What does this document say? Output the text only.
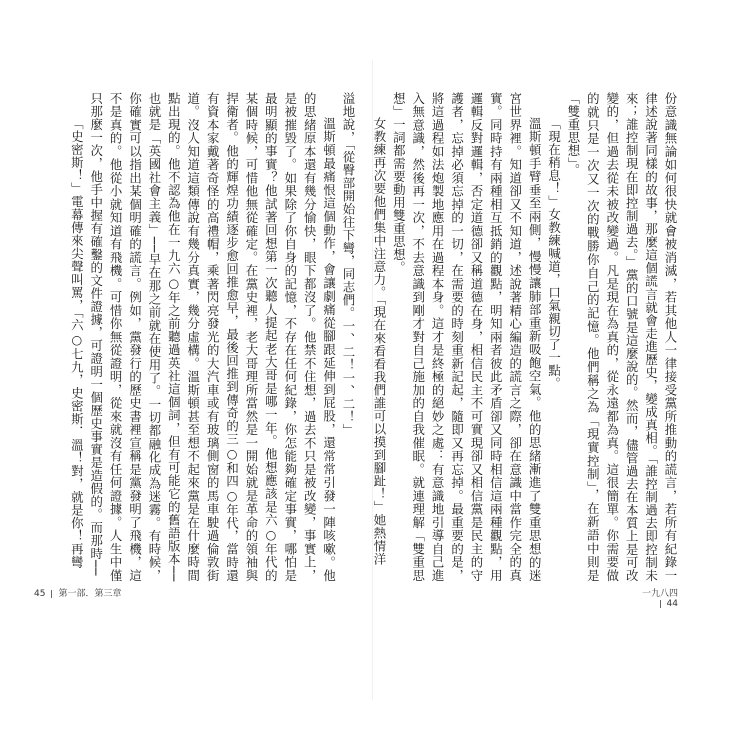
溢地說，「從臀部開始往下彎，同志們。一、二！一、二！」

溫斯頓最痛恨這個動作，會讓劇痛從腳跟延伸到屁股，還常常引發一陣咳嗽。他的思緒原本還有幾分愉快，眼下都沒了。他禁不住想，過去不只是被改變，事實上，是被摧毀了。如果除了你自身的記憶，不存在任何紀錄，你怎能夠確定事實，哪怕是最明顯的事實？他試著回想第一次聽人提起老大哥是哪一年。他想應該是六○年代的某個時候，可惜他無從確定。在黨史裡，老大哥理所當然是一開始就是革命的領袖與捍衛者。他的輝煌功績逐步愈回推愈早，最後回推到傳奇的三○和四○年代，當時還有資本家戴著奇怪的高禮帽，乘著閃亮發光的大汽車或有玻璃側窗的馬車駛過倫敦街道。沒人知道這類傳說有幾分真實，幾分虛構。溫斯頓甚至想不起來黨是在什麼時間點出現的。他不認為他在一九六○年之前聽過英社這個詞，但有可能它的舊語版本──也就是「英國社會主義」──早在那之前就在使用了。一切都融化成為迷霧。有時候，你確實可以指出某個明確的謊言。例如，黨發行的歷史書裡宣稱是黨發明了飛機，這不是真的。他從小就知道有飛機。可惜你無從證明，從來就沒有任何證據。人生中僅只那麼一次，他手中握有確鑿的文件證據，可證明一個歷史事實是造假的。而那時──

「史密斯！」電幕傳來尖聲叫罵，「六○七九，史密斯．溫！對，就是你！再彎	份意識無論如何很快就會被消滅，若其他人一律接受黨所推動的謊言，若所有紀錄一律述說著同樣的故事，那麼這個謊言就會走進歷史，變成真相。「誰控制過去即控制未來；誰控制現在即控制過去。」黨的口號是這麼說的。然而，儘管過去在本質上是可改變的，但過去從未被改變過。凡是現在為真的，從永遠都為真。這很簡單。你需要做的就只是一次又一次的戰勝你自己的記憶。他們稱之為「現實控制」，在新語中則是「雙重思想」。

「現在稍息！」女教練喊道，口氣親切了一點。

溫斯頓手臂垂至兩側，慢慢讓肺部重新吸飽空氣。他的思緒漸進了雙重思想的迷宮世界裡。知道卻又不知道，述說著精心編造的謊言之際，卻在意識中當作完全的真實。同時持有兩種相互抵銷的觀點，明知兩者彼此矛盾卻又同時相信這兩種觀點，用邏輯反對邏輯，否定道德卻又稱道德在身，相信民主不可實現卻又相信黨是民主的守護者，忘掉必須忘掉的一切，在需要的時刻重新記起，隨即又再忘掉。最重要的是，將這過程如法炮製地應用在過程本身。這才是終極的絕妙之處：有意識地引導自己進入無意識，然後再一次，不去意識到剛才對自己施加的自我催眠。就連理解「雙重思想」一詞都需要動用雙重思想。

女教練再次要他們集中注意力。「現在來看看我們誰可以摸到腳趾！」她熱情洋

45 第一部．第三章	一九八四44
